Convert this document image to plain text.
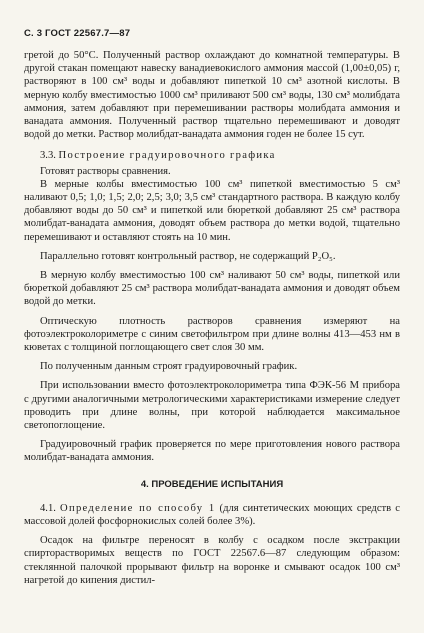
С. 3 ГОСТ 22567.7—87

гретой до 50°С. Полученный раствор охлаждают до комнатной температуры. В другой стакан помещают навеску ванадиевокислого аммония массой (1,00±0,05) г, растворяют в 100 см³ воды и добавляют пипеткой 10 см³ азотной кислоты. В мерную колбу вместимостью 1000 см³ приливают 500 см³ воды, 130 см³ молибдата аммония, затем добавляют при перемешивании растворы молибдата аммония и ванадата аммония. Полученный раствор тщательно перемешивают и доводят водой до метки. Раствор молибдат-ванадата аммония годен не более 15 сут.

3.3. Построение градуировочного графика

Готовят растворы сравнения.

В мерные колбы вместимостью 100 см³ пипеткой вместимостью 5 см³ наливают 0,5; 1,0; 1,5; 2,0; 2,5; 3,0; 3,5 см³ стандартного раствора. В каждую колбу добавляют воды до 50 см³ и пипеткой или бюреткой добавляют 25 см³ раствора молибдат-ванадата аммония, доводят объем раствора до метки водой, тщательно перемешивают и оставляют стоять на 10 мин.

Параллельно готовят контрольный раствор, не содержащий P₂O₅.

В мерную колбу вместимостью 100 см³ наливают 50 см³ воды, пипеткой или бюреткой добавляют 25 см³ раствора молибдат-ванадата аммония и доводят объем водой до метки.

Оптическую плотность растворов сравнения измеряют на фотоэлектроколориметре с синим светофильтром при длине волны 413—453 нм в кюветах с толщиной поглощающего свет слоя 30 мм.

По полученным данным строят градуировочный график.

При использовании вместо фотоэлектроколориметра типа ФЭК-56 М прибора с другими аналогичными метрологическими характеристиками измерение следует проводить при длине волны, при которой наблюдается максимальное светопоглощение.

Градуировочный график проверяется по мере приготовления нового раствора молибдат-ванадата аммония.

4. ПРОВЕДЕНИЕ ИСПЫТАНИЯ

4.1. Определение по способу 1 (для синтетических моющих средств с массовой долей фосфорнокислых солей более 3%).

Осадок на фильтре переносят в колбу с осадком после экстракции спирторастворимых веществ по ГОСТ 22567.6—87 следующим образом: стеклянной палочкой прорывают фильтр на воронке и смывают осадок 100 см³ нагретой до кипения дистил-
